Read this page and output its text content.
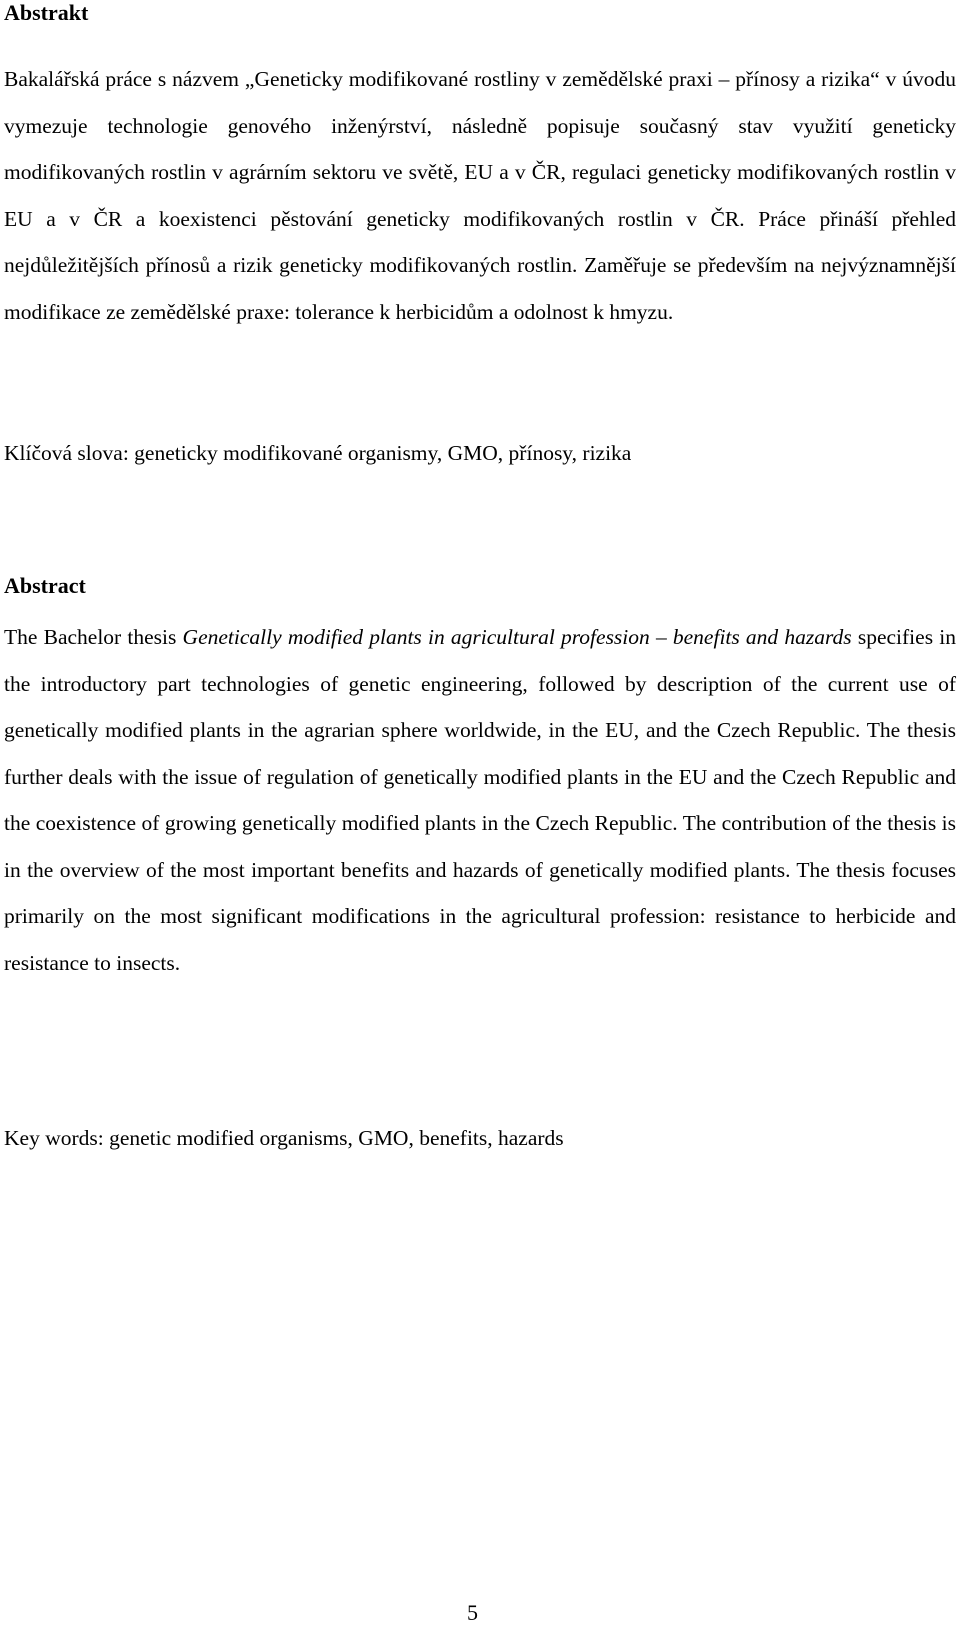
Abstrakt

Bakalářská práce s názvem „Geneticky modifikované rostliny v zemědělské praxi – přínosy a rizika“ v úvodu vymezuje technologie genového inženýrství, následně popisuje současný stav využití geneticky modifikovaných rostlin v agrárním sektoru ve světě, EU a v ČR, regulaci geneticky modifikovaných rostlin v EU a v ČR a koexistenci pěstování geneticky modifikovaných rostlin v ČR. Práce přináší přehled nejdůležitějších přínosů a rizik geneticky modifikovaných rostlin. Zaměřuje se především na nejvýznamnější modifikace ze zemědělské praxe: tolerance k herbicidům a odolnost k hmyzu.

Klíčová slova: geneticky modifikované organismy, GMO, přínosy, rizika

Abstract

The Bachelor thesis Genetically modified plants in agricultural profession – benefits and hazards specifies in the introductory part technologies of genetic engineering, followed by description of the current use of genetically modified plants in the agrarian sphere worldwide, in the EU, and the Czech Republic. The thesis further deals with the issue of regulation of genetically modified plants in the EU and the Czech Republic and the coexistence of growing genetically modified plants in the Czech Republic. The contribution of the thesis is in the overview of the most important benefits and hazards of genetically modified plants. The thesis focuses primarily on the most significant modifications in the agricultural profession: resistance to herbicide and resistance to insects.

Key words: genetic modified organisms, GMO, benefits, hazards

5
